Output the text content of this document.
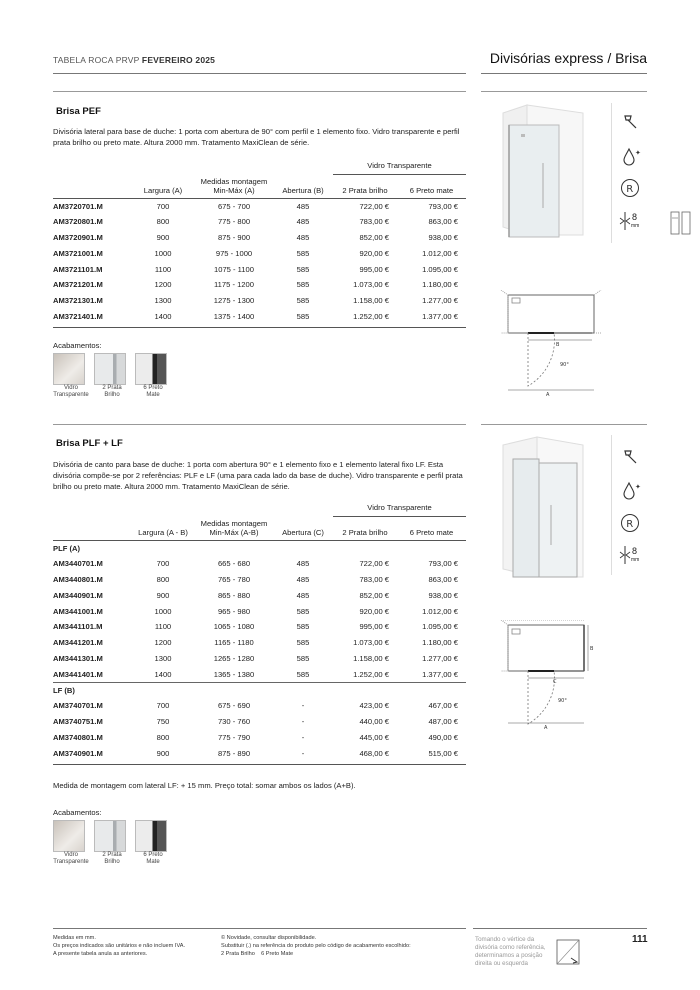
TABELA ROCA PRVP FEVEREIRO 2025	Divisórias express / Brisa
Brisa PEF
Divisória lateral para base de duche: 1 porta com abertura de 90° com perfil e 1 elemento fixo. Vidro transparente e perfil prata brilho ou preto mate. Altura 2000 mm. Tratamento MaxiClean de série.
				Vidro Transparente	
	Largura (A)	Medidas montagem Min-Máx (A)	Abertura (B)	2 Prata brilho	6 Preto mate
AM3720701.M	700	675 - 700	485	722,00 €	793,00 €
AM3720801.M	800	775 - 800	485	783,00 €	863,00 €
AM3720901.M	900	875 - 900	485	852,00 €	938,00 €
AM3721001.M	1000	975 - 1000	585	920,00 €	1.012,00 €
AM3721101.M	1100	1075 - 1100	585	995,00 €	1.095,00 €
AM3721201.M	1200	1175 - 1200	585	1.073,00 €	1.180,00 €
AM3721301.M	1300	1275 - 1300	585	1.158,00 €	1.277,00 €
AM3721401.M	1400	1375 - 1400	585	1.252,00 €	1.377,00 €
Acabamentos:
Vidro
Transparente
2 Prata
Brilho
6 Preto
Mate
Brisa PLF + LF
Divisória de canto para base de duche: 1 porta com abertura 90° e 1 elemento fixo e 1 elemento lateral fixo LF. Esta divisória compõe-se por 2 referências: PLF e LF (uma para cada lado da base de duche). Vidro transparente e perfil prata brilho ou preto mate. Altura 2000 mm. Tratamento MaxiClean de série.
				Vidro Transparente	
	Largura (A - B)	Medidas montagem Min-Máx (A-B)	Abertura (C)	2 Prata brilho	6 Preto mate
PLF (A)					
AM3440701.M	700	665 - 680	485	722,00 €	793,00 €
AM3440801.M	800	765 - 780	485	783,00 €	863,00 €
AM3440901.M	900	865 - 880	485	852,00 €	938,00 €
AM3441001.M	1000	965 - 980	585	920,00 €	1.012,00 €
AM3441101.M	1100	1065 - 1080	585	995,00 €	1.095,00 €
AM3441201.M	1200	1165 - 1180	585	1.073,00 €	1.180,00 €
AM3441301.M	1300	1265 - 1280	585	1.158,00 €	1.277,00 €
AM3441401.M	1400	1365 - 1380	585	1.252,00 €	1.377,00 €
LF (B)					
AM3740701.M	700	675 - 690	-	423,00 €	467,00 €
AM3740751.M	750	730 - 760	-	440,00 €	487,00 €
AM3740801.M	800	775 - 790	-	445,00 €	490,00 €
AM3740901.M	900	875 - 890	-	468,00 €	515,00 €
Medida de montagem com lateral LF: + 15 mm. Preço total: somar ambos os lados (A+B).
Acabamentos:
Vidro
Transparente
2 Prata
Brilho
6 Preto
Mate
✦
R
8
mm
B
90°
A
✦
R
8
mm
B
C
90°
A
Medidas em mm.
Os preços indicados são unitários e não incluem IVA.
A presente tabela anula as anteriores.
© Novidade, consultar disponibilidade.
Substituir (.) na referência do produto pelo código de acabamento escolhido:
2 Prata Brilho    6 Preto Mate
Tomando o vértice da
divisória como referência,
determinamos a posição
direita ou esquerda
111
